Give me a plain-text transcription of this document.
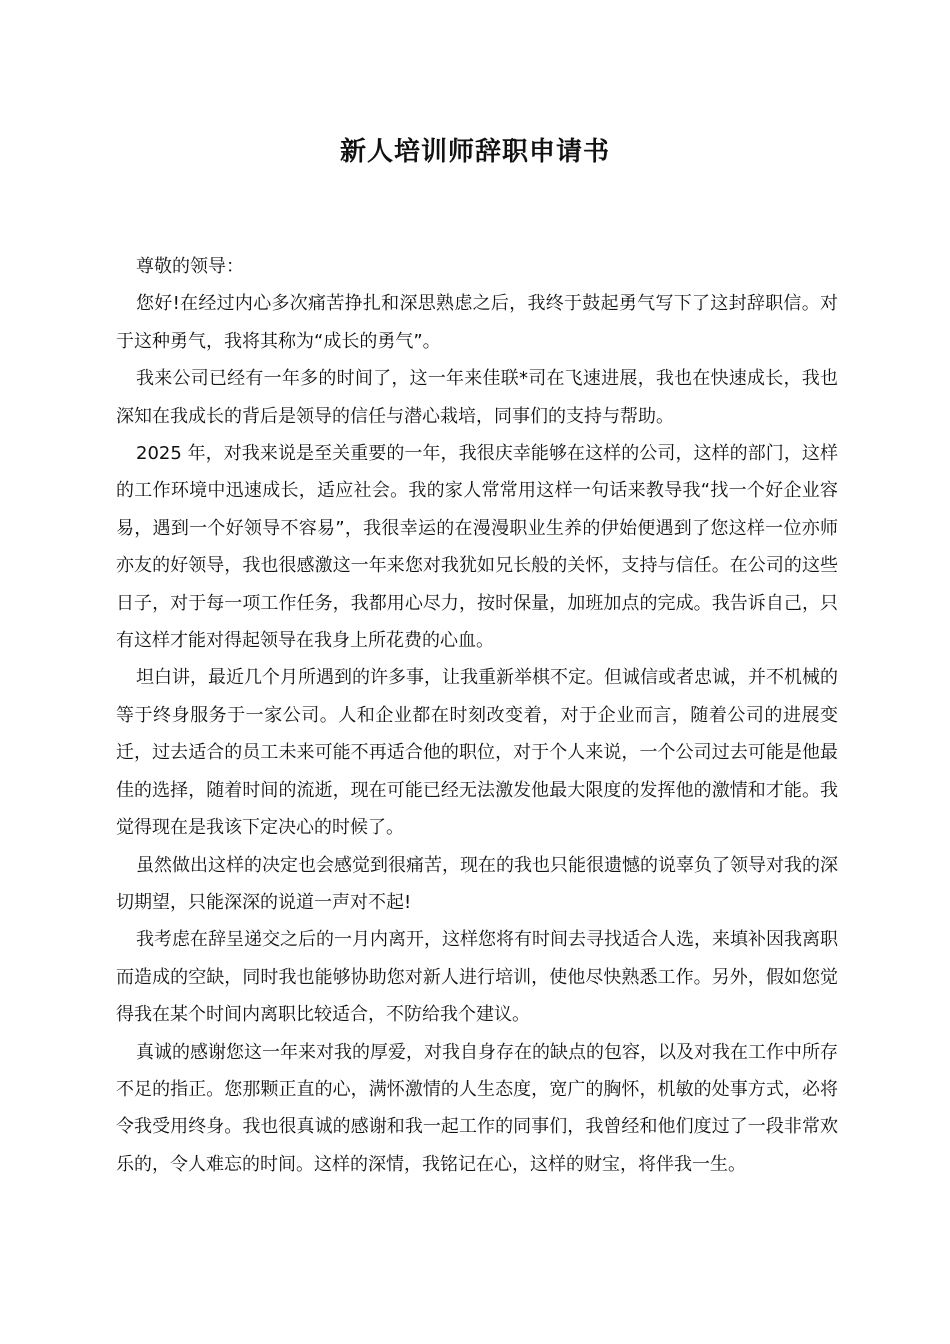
新人培训师辞职申请书

尊敬的领导：

您好!在经过内心多次痛苦挣扎和深思熟虑之后，我终于鼓起勇气写下了这封辞职信。对于这种勇气，我将其称为“成长的勇气”。

我来公司已经有一年多的时间了，这一年来佳联*司在飞速进展，我也在快速成长，我也深知在我成长的背后是领导的信任与潜心栽培，同事们的支持与帮助。

2025 年，对我来说是至关重要的一年，我很庆幸能够在这样的公司，这样的部门，这样的工作环境中迅速成长，适应社会。我的家人常常用这样一句话来教导我“找一个好企业容易，遇到一个好领导不容易”，我很幸运的在漫漫职业生养的伊始便遇到了您这样一位亦师亦友的好领导，我也很感激这一年来您对我犹如兄长般的关怀，支持与信任。在公司的这些日子，对于每一项工作任务，我都用心尽力，按时保量，加班加点的完成。我告诉自己，只有这样才能对得起领导在我身上所花费的心血。

坦白讲，最近几个月所遇到的许多事，让我重新举棋不定。但诚信或者忠诚，并不机械的等于终身服务于一家公司。人和企业都在时刻改变着，对于企业而言，随着公司的进展变迁，过去适合的员工未来可能不再适合他的职位，对于个人来说，一个公司过去可能是他最佳的选择，随着时间的流逝，现在可能已经无法激发他最大限度的发挥他的激情和才能。我觉得现在是我该下定决心的时候了。

虽然做出这样的决定也会感觉到很痛苦，现在的我也只能很遗憾的说辜负了领导对我的深切期望，只能深深的说道一声对不起!

我考虑在辞呈递交之后的一月内离开，这样您将有时间去寻找适合人选，来填补因我离职而造成的空缺，同时我也能够协助您对新人进行培训，使他尽快熟悉工作。另外，假如您觉得我在某个时间内离职比较适合，不防给我个建议。

真诚的感谢您这一年来对我的厚爱，对我自身存在的缺点的包容，以及对我在工作中所存不足的指正。您那颗正直的心，满怀激情的人生态度，宽广的胸怀，机敏的处事方式，必将令我受用终身。我也很真诚的感谢和我一起工作的同事们，我曾经和他们度过了一段非常欢乐的，令人难忘的时间。这样的深情，我铭记在心，这样的财宝，将伴我一生。
